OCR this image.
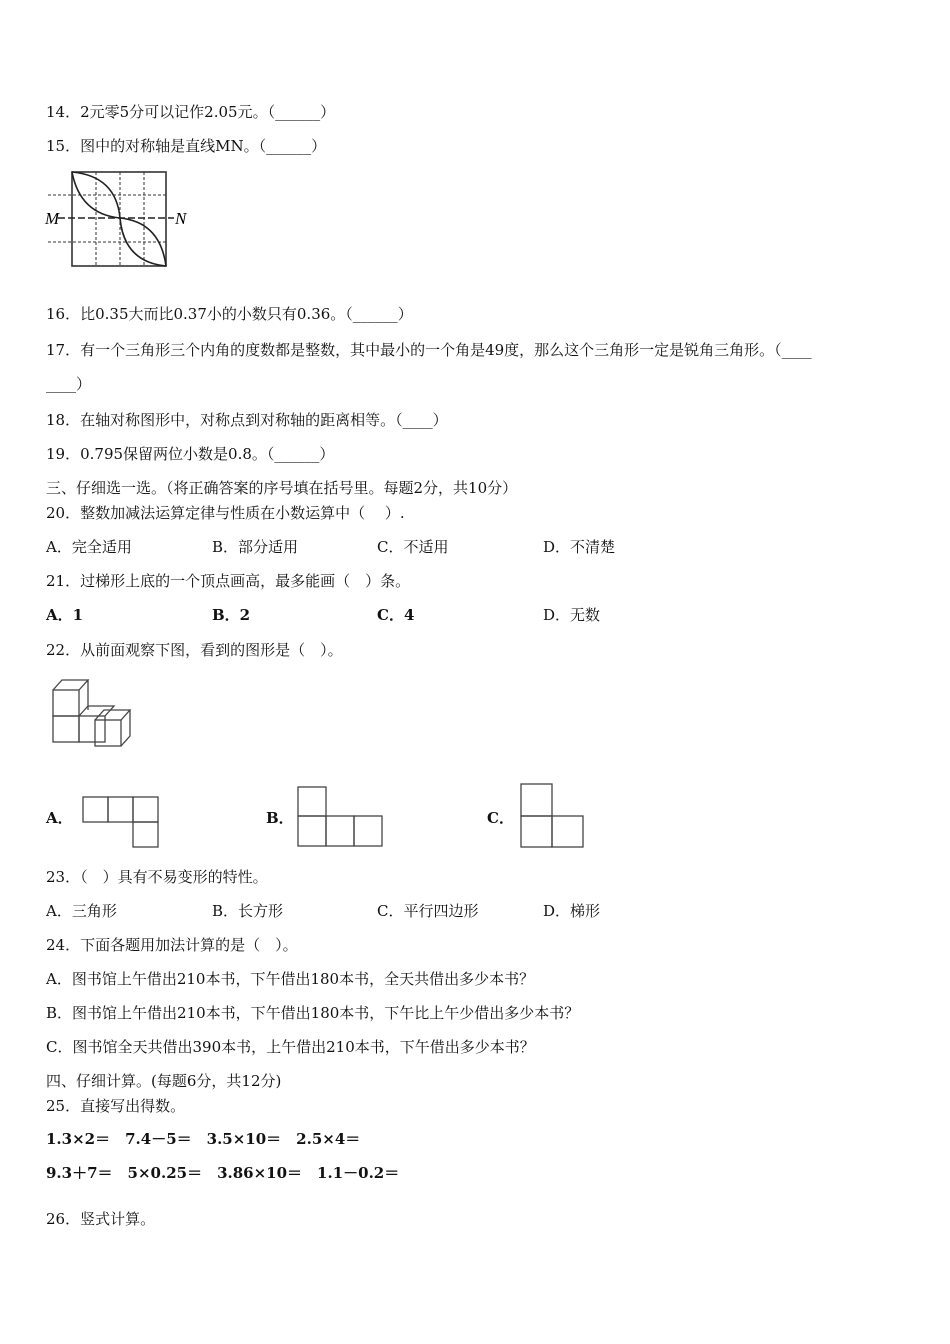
14．2元零5分可以记作2.05元。（______）
15．图中的对称轴是直线MN。（______）
M	N
16．比0.35大而比0.37小的小数只有0.36。（______）
17．有一个三角形三个内角的度数都是整数，其中最小的一个角是49度，那么这个三角形一定是锐角三角形。（____
____）
18．在轴对称图形中，对称点到对称轴的距离相等。（____）
19．0.795保留两位小数是0.8。（______）
三、仔细选一选。（将正确答案的序号填在括号里。每题2分，共10分）
20．整数加减法运算定律与性质在小数运算中（　 ）.
A．完全适用	B．部分适用	C．不适用	D．不清楚
21．过梯形上底的一个顶点画高，最多能画（　）条。
A．1	B．2	C．4	D．无数
22．从前面观察下图，看到的图形是（　）。
A．	B．	C．
23．（　）具有不易变形的特性。
A．三角形	B．长方形	C．平行四边形	D．梯形
24．下面各题用加法计算的是（　）。
A．图书馆上午借出210本书，下午借出180本书，全天共借出多少本书？
B．图书馆上午借出210本书，下午借出180本书，下午比上午少借出多少本书？
C．图书馆全天共借出390本书，上午借出210本书，下午借出多少本书？
四、仔细计算。(每题6分，共12分)
25．直接写出得数。
1.3×2＝　7.4－5＝　3.5×10＝　2.5×4＝
9.3＋7＝　5×0.25＝　3.86×10＝　1.1－0.2＝
26．竖式计算。
